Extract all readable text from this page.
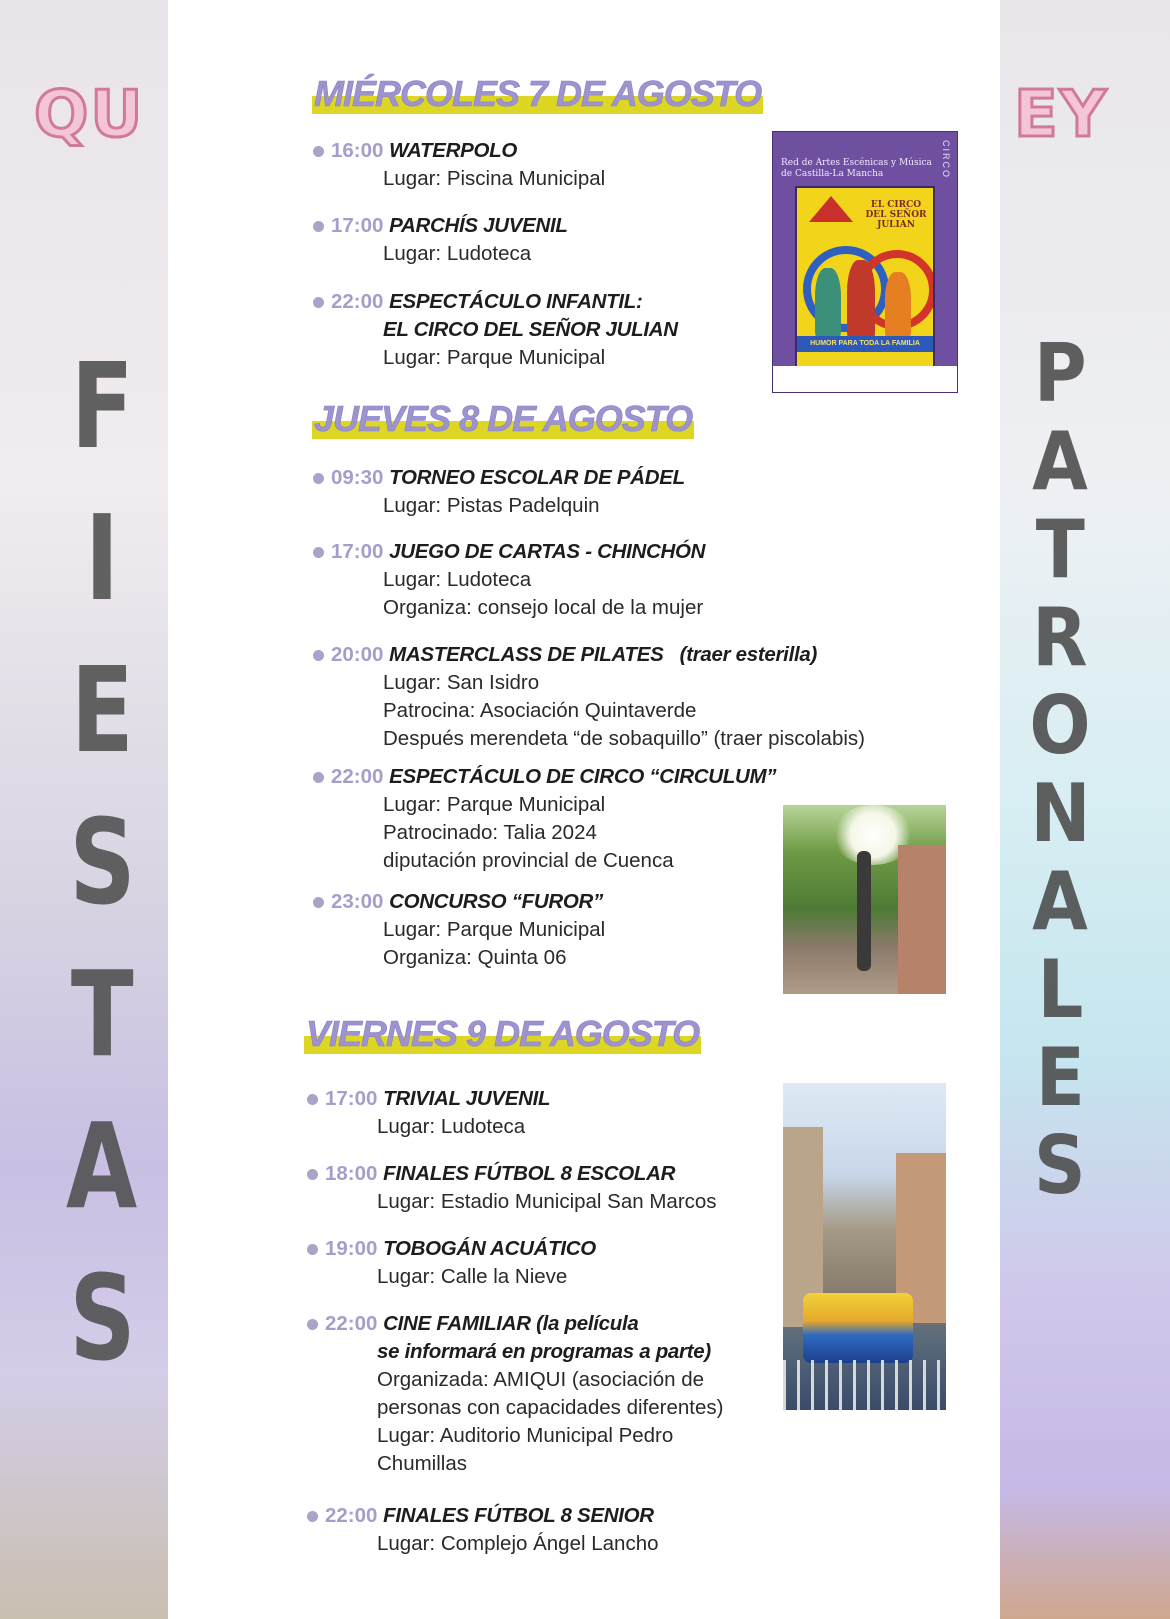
QU
F
I
E
S
T
A
S
EY
P
A
T
R
O
N
A
L
E
S
MIÉRCOLES 7 DE AGOSTO
16:00 WATERPOLO
Lugar: Piscina Municipal
17:00 PARCHÍS JUVENIL
Lugar: Ludoteca
22:00 ESPECTÁCULO INFANTIL:
EL CIRCO DEL SEÑOR JULIAN
Lugar: Parque Municipal
Red de Artes Escénicas y Música de Castilla-La Mancha	CIRCO
EL CIRCO DEL SEÑOR JULIAN
HUMOR PARA TODA LA FAMILIA
JUEVES 8 DE AGOSTO
09:30 TORNEO ESCOLAR DE PÁDEL
Lugar: Pistas Padelquin
17:00 JUEGO DE CARTAS - CHINCHÓN
Lugar: Ludoteca
Organiza: consejo local de la mujer
20:00 MASTERCLASS DE PILATES   (traer esterilla)
Lugar: San Isidro
Patrocina: Asociación Quintaverde
Después merendeta “de sobaquillo” (traer piscolabis)
22:00 ESPECTÁCULO DE CIRCO “CIRCULUM”
Lugar: Parque Municipal
Patrocinado: Talia 2024
diputación provincial de Cuenca
23:00 CONCURSO “FUROR”
Lugar: Parque Municipal
Organiza: Quinta 06
VIERNES 9 DE AGOSTO
17:00 TRIVIAL JUVENIL
Lugar: Ludoteca
18:00 FINALES FÚTBOL 8 ESCOLAR
Lugar: Estadio Municipal San Marcos
19:00 TOBOGÁN ACUÁTICO
Lugar: Calle la Nieve
22:00 CINE FAMILIAR (la película
se informará en programas a parte)
Organizada: AMIQUI (asociación de
personas con capacidades diferentes)
Lugar: Auditorio Municipal Pedro
Chumillas
22:00 FINALES FÚTBOL 8 SENIOR
Lugar: Complejo Ángel Lancho
